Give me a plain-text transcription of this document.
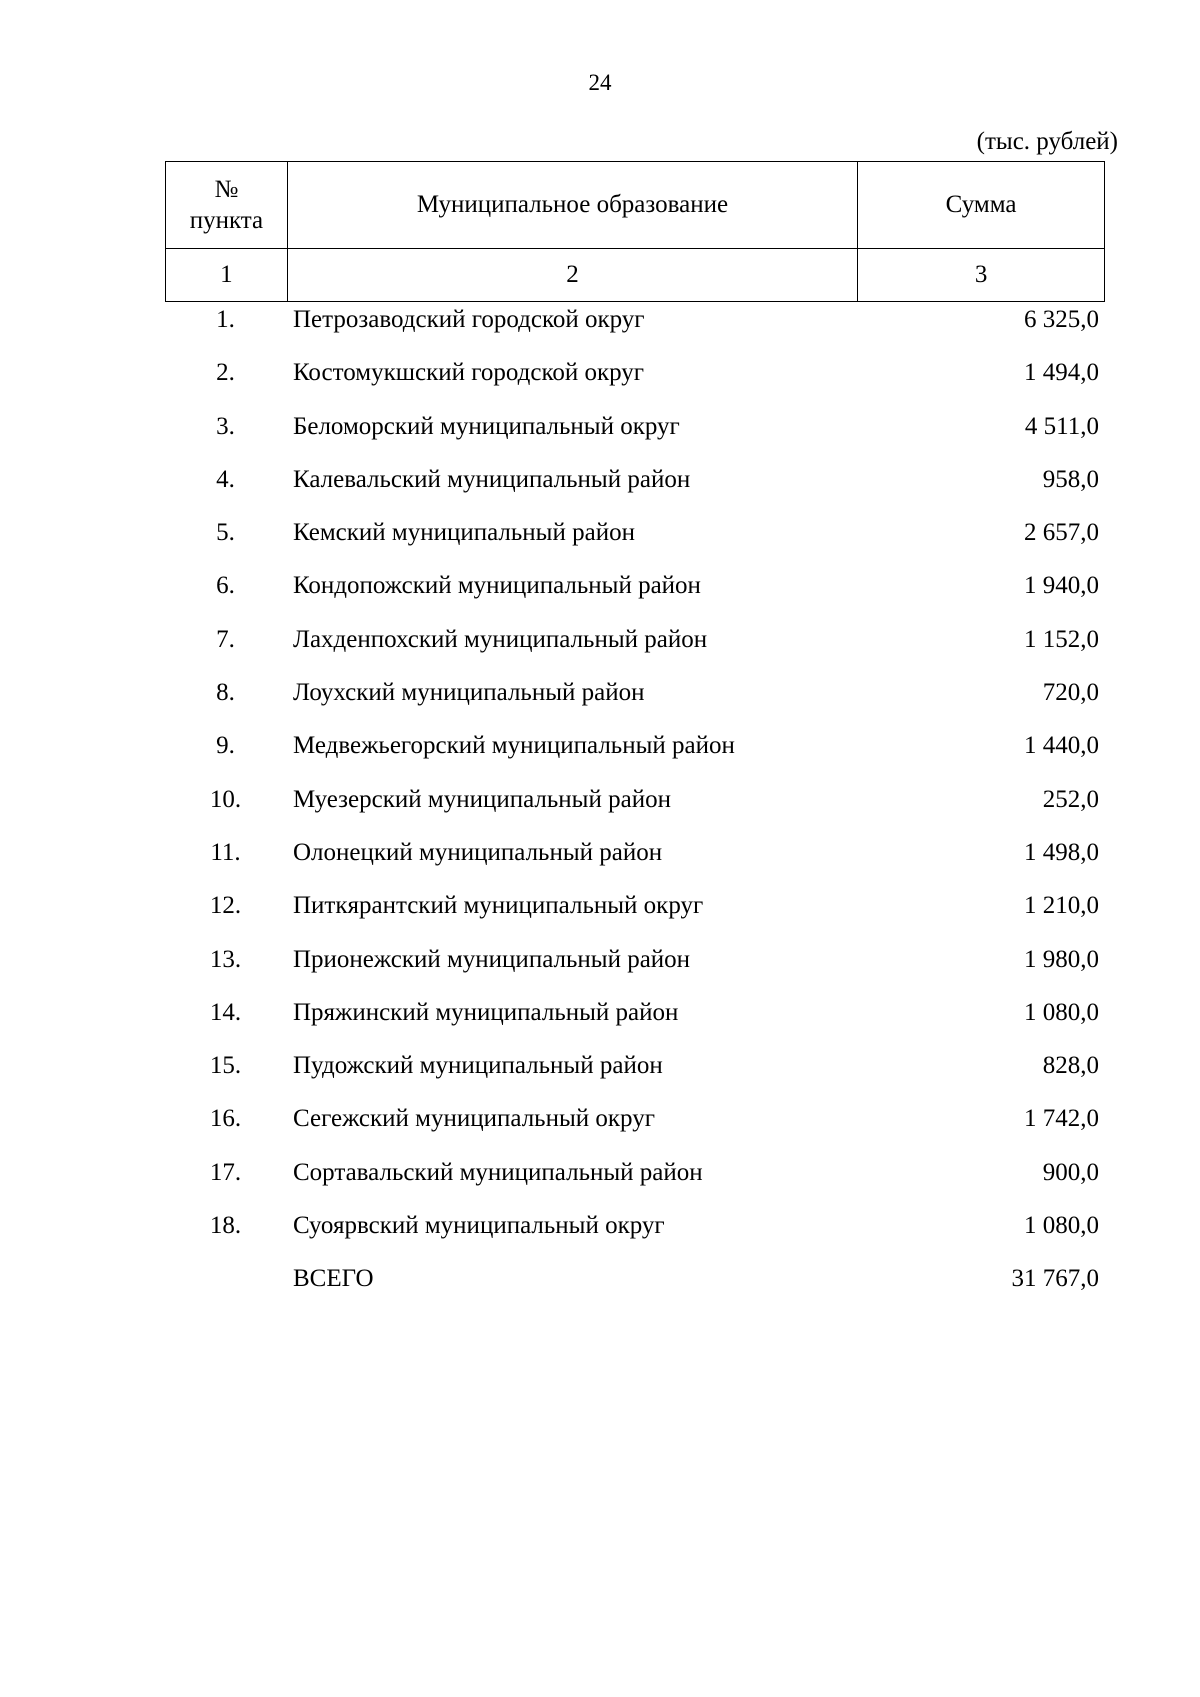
24
(тыс. рублей)
№ пункта	Муниципальное образование	Сумма
1	2	3
1.	Петрозаводский городской округ	6 325,0
2.	Костомукшский городской округ	1 494,0
3.	Беломорский муниципальный округ	4 511,0
4.	Калевальский муниципальный район	958,0
5.	Кемский муниципальный район	2 657,0
6.	Кондопожский муниципальный район	1 940,0
7.	Лахденпохский муниципальный район	1 152,0
8.	Лоухский муниципальный район	720,0
9.	Медвежьегорский муниципальный район	1 440,0
10.	Муезерский муниципальный район	252,0
11.	Олонецкий муниципальный район	1 498,0
12.	Питкярантский муниципальный округ	1 210,0
13.	Прионежский муниципальный район	1 980,0
14.	Пряжинский муниципальный район	1 080,0
15.	Пудожский муниципальный район	828,0
16.	Сегежский муниципальный округ	1 742,0
17.	Сортавальский муниципальный район	900,0
18.	Суоярвский муниципальный округ	1 080,0
ВСЕГО	31 767,0
